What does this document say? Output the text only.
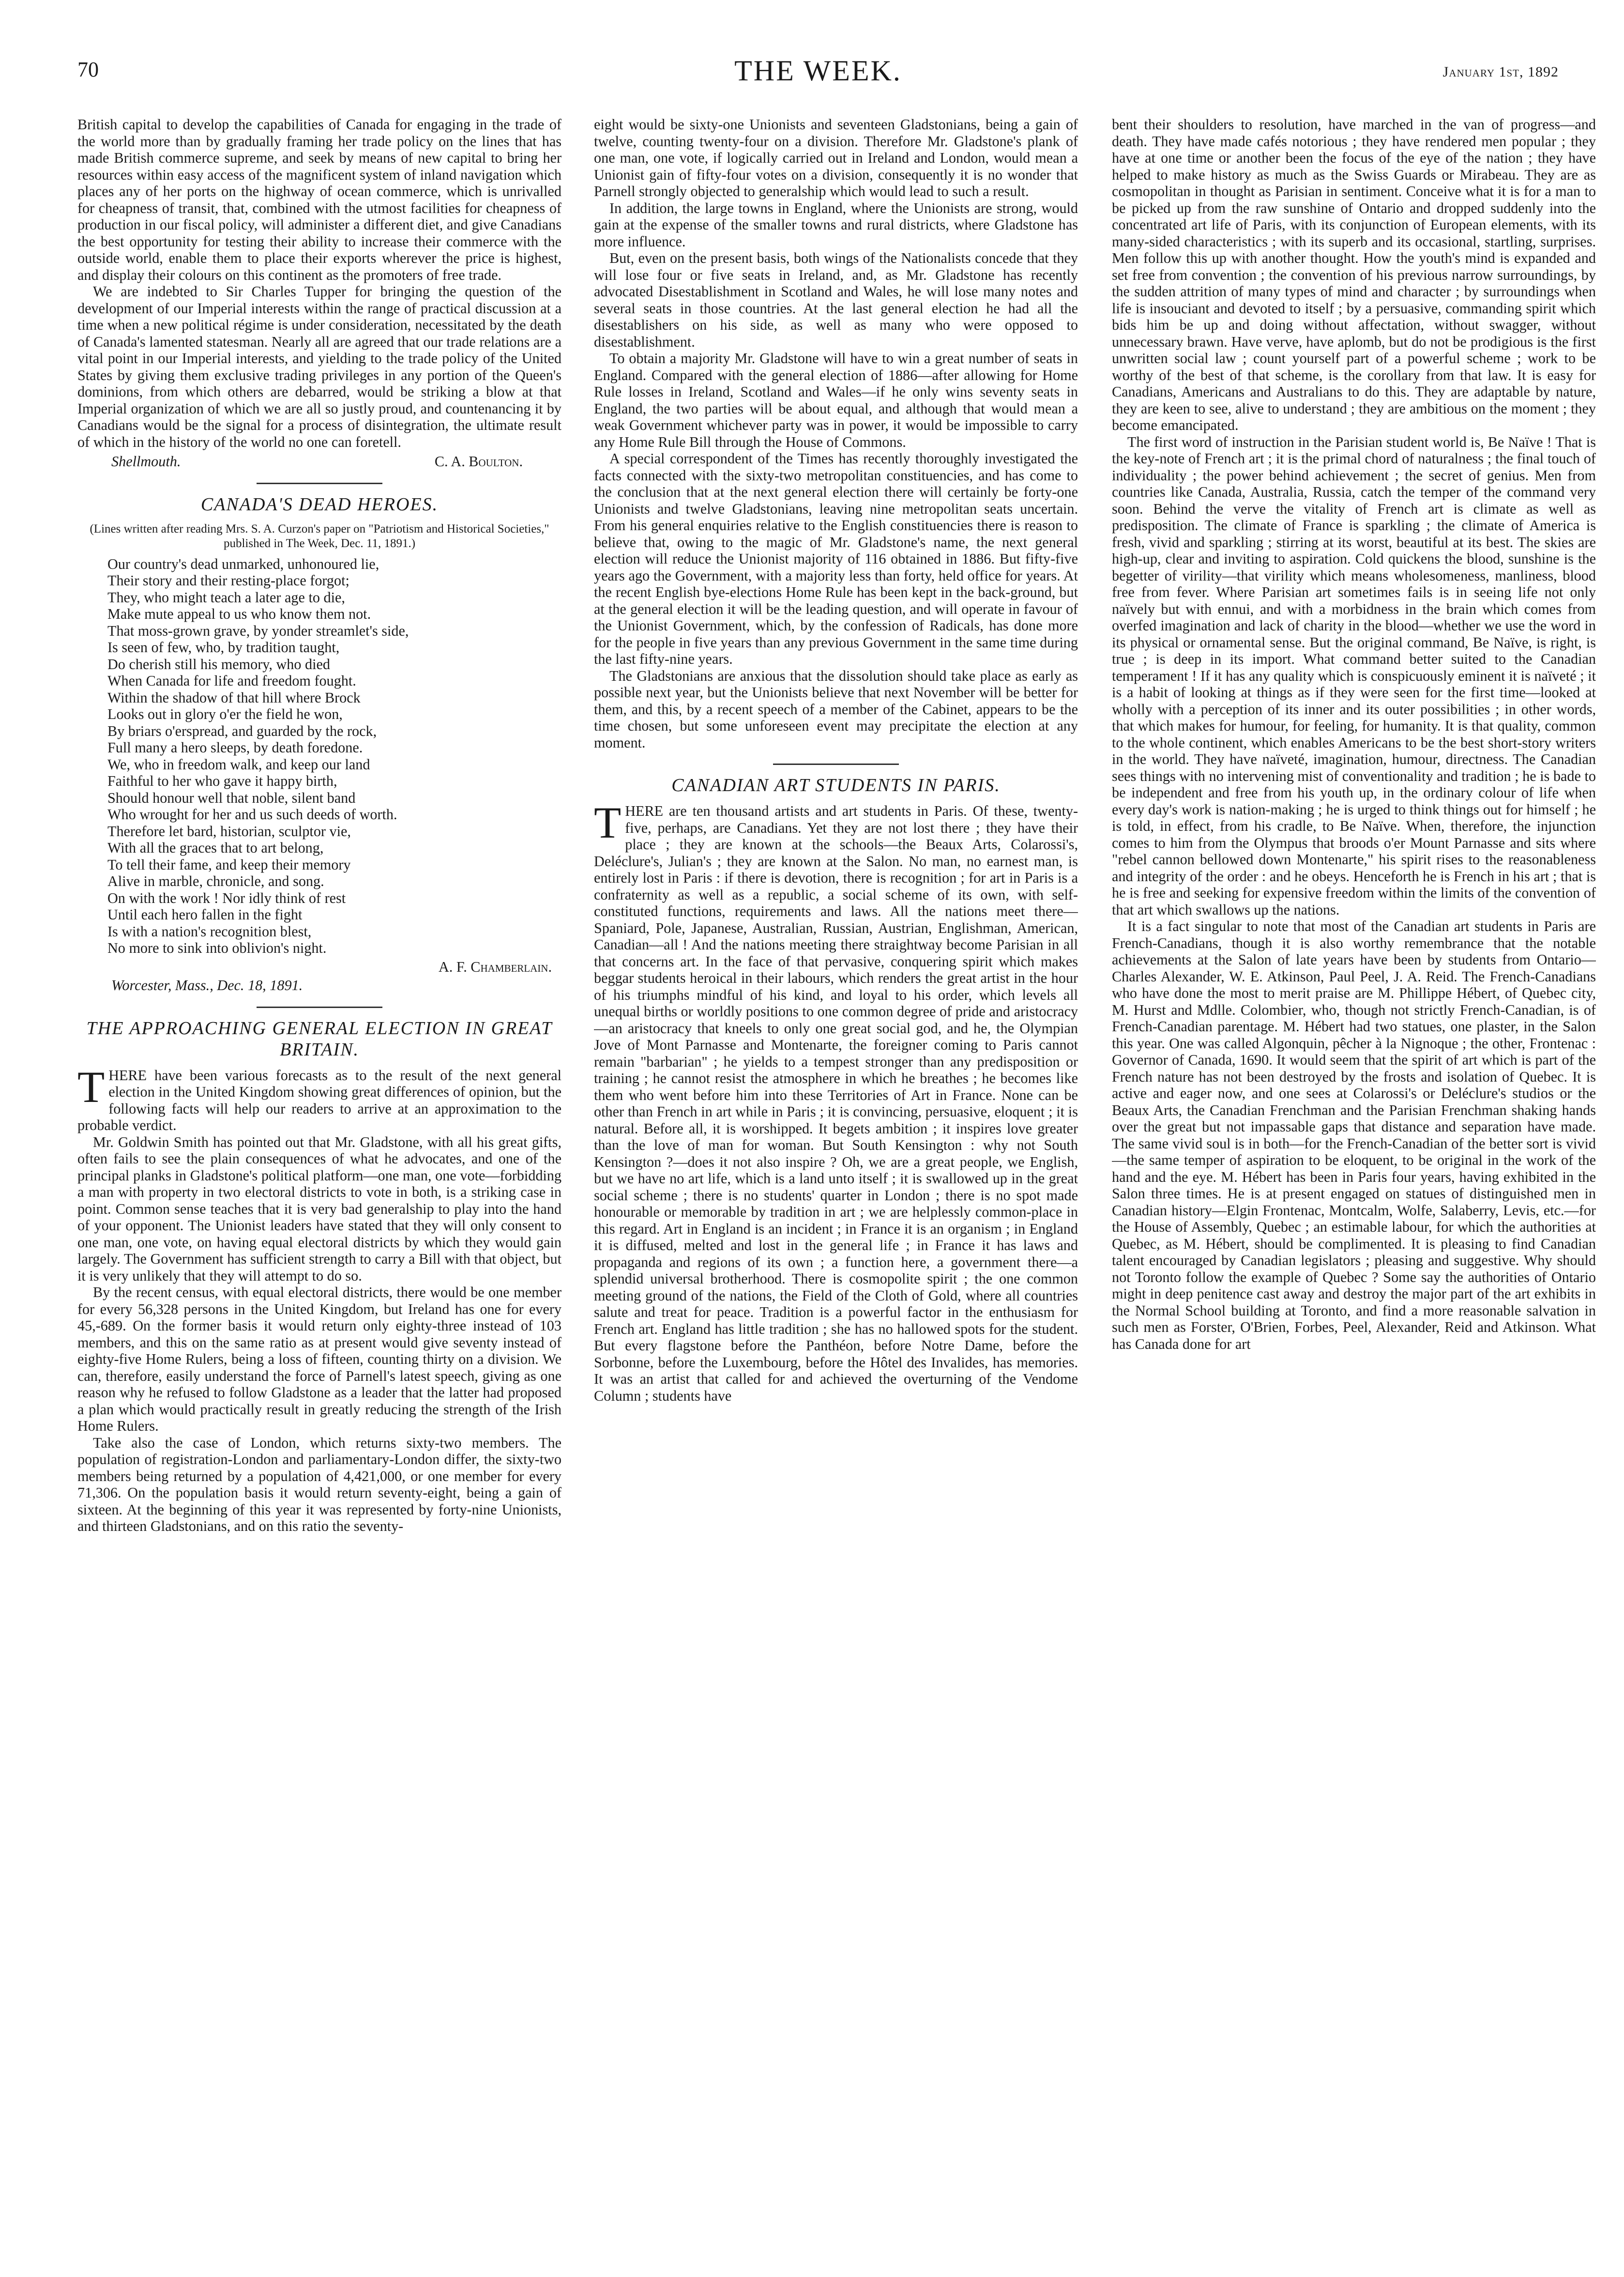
70	THE WEEK.	January 1st, 1892

British capital to develop the capabilities of Canada for engaging in the trade of the world more than by gradually framing her trade policy on the lines that has made British commerce supreme, and seek by means of new capital to bring her resources within easy access of the magnificent system of inland navigation which places any of her ports on the highway of ocean commerce, which is unrivalled for cheapness of transit, that, combined with the utmost facilities for cheapness of production in our fiscal policy, will administer a different diet, and give Canadians the best opportunity for testing their ability to increase their commerce with the outside world, enable them to place their exports wherever the price is highest, and display their colours on this continent as the promoters of free trade.

We are indebted to Sir Charles Tupper for bringing the question of the development of our Imperial interests within the range of practical discussion at a time when a new political régime is under consideration, necessitated by the death of Canada's lamented statesman. Nearly all are agreed that our trade relations are a vital point in our Imperial interests, and yielding to the trade policy of the United States by giving them exclusive trading privileges in any portion of the Queen's dominions, from which others are debarred, would be striking a blow at that Imperial organization of which we are all so justly proud, and countenancing it by Canadians would be the signal for a process of disintegration, the ultimate result of which in the history of the world no one can foretell.

Shellmouth.	C. A. Boulton.
CANADA'S DEAD HEROES.
(Lines written after reading Mrs. S. A. Curzon's paper on "Patriotism and Historical Societies," published in The Week, Dec. 11, 1891.)
Our country's dead unmarked, unhonoured lie,
Their story and their resting-place forgot;
They, who might teach a later age to die,
Make mute appeal to us who know them not.
That moss-grown grave, by yonder streamlet's side,
Is seen of few, who, by tradition taught,
Do cherish still his memory, who died
When Canada for life and freedom fought.
Within the shadow of that hill where Brock
Looks out in glory o'er the field he won,
By briars o'erspread, and guarded by the rock,
Full many a hero sleeps, by death foredone.
We, who in freedom walk, and keep our land
Faithful to her who gave it happy birth,
Should honour well that noble, silent band
Who wrought for her and us such deeds of worth.
Therefore let bard, historian, sculptor vie,
With all the graces that to art belong,
To tell their fame, and keep their memory
Alive in marble, chronicle, and song.
On with the work ! Nor idly think of rest
Until each hero fallen in the fight
Is with a nation's recognition blest,
No more to sink into oblivion's night.
A. F. Chamberlain.
Worcester, Mass., Dec. 18, 1891.
THE APPROACHING GENERAL ELECTION IN GREAT BRITAIN.

THERE have been various forecasts as to the result of the next general election in the United Kingdom showing great differences of opinion, but the following facts will help our readers to arrive at an approximation to the probable verdict.

Mr. Goldwin Smith has pointed out that Mr. Gladstone, with all his great gifts, often fails to see the plain consequences of what he advocates, and one of the principal planks in Gladstone's political platform—one man, one vote—forbidding a man with property in two electoral districts to vote in both, is a striking case in point. Common sense teaches that it is very bad generalship to play into the hand of your opponent. The Unionist leaders have stated that they will only consent to one man, one vote, on having equal electoral districts by which they would gain largely. The Government has sufficient strength to carry a Bill with that object, but it is very unlikely that they will attempt to do so.

By the recent census, with equal electoral districts, there would be one member for every 56,328 persons in the United Kingdom, but Ireland has one for every 45,-689. On the former basis it would return only eighty-three instead of 103 members, and this on the same ratio as at present would give seventy instead of eighty-five Home Rulers, being a loss of fifteen, counting thirty on a division. We can, therefore, easily understand the force of Parnell's latest speech, giving as one reason why he refused to follow Gladstone as a leader that the latter had proposed a plan which would practically result in greatly reducing the strength of the Irish Home Rulers.

Take also the case of London, which returns sixty-two members. The population of registration-London and parliamentary-London differ, the sixty-two members being returned by a population of 4,421,000, or one member for every 71,306. On the population basis it would return seventy-eight, being a gain of sixteen. At the beginning of this year it was represented by forty-nine Unionists, and thirteen Gladstonians, and on this ratio the seventy-

eight would be sixty-one Unionists and seventeen Gladstonians, being a gain of twelve, counting twenty-four on a division. Therefore Mr. Gladstone's plank of one man, one vote, if logically carried out in Ireland and London, would mean a Unionist gain of fifty-four votes on a division, consequently it is no wonder that Parnell strongly objected to generalship which would lead to such a result.

In addition, the large towns in England, where the Unionists are strong, would gain at the expense of the smaller towns and rural districts, where Gladstone has more influence.

But, even on the present basis, both wings of the Nationalists concede that they will lose four or five seats in Ireland, and, as Mr. Gladstone has recently advocated Disestablishment in Scotland and Wales, he will lose many notes and several seats in those countries. At the last general election he had all the disestablishers on his side, as well as many who were opposed to disestablishment.

To obtain a majority Mr. Gladstone will have to win a great number of seats in England. Compared with the general election of 1886—after allowing for Home Rule losses in Ireland, Scotland and Wales—if he only wins seventy seats in England, the two parties will be about equal, and although that would mean a weak Government whichever party was in power, it would be impossible to carry any Home Rule Bill through the House of Commons.

A special correspondent of the Times has recently thoroughly investigated the facts connected with the sixty-two metropolitan constituencies, and has come to the conclusion that at the next general election there will certainly be forty-one Unionists and twelve Gladstonians, leaving nine metropolitan seats uncertain. From his general enquiries relative to the English constituencies there is reason to believe that, owing to the magic of Mr. Gladstone's name, the next general election will reduce the Unionist majority of 116 obtained in 1886. But fifty-five years ago the Government, with a majority less than forty, held office for years. At the recent English bye-elections Home Rule has been kept in the back-ground, but at the general election it will be the leading question, and will operate in favour of the Unionist Government, which, by the confession of Radicals, has done more for the people in five years than any previous Government in the same time during the last fifty-nine years.

The Gladstonians are anxious that the dissolution should take place as early as possible next year, but the Unionists believe that next November will be better for them, and this, by a recent speech of a member of the Cabinet, appears to be the time chosen, but some unforeseen event may precipitate the election at any moment.

CANADIAN ART STUDENTS IN PARIS.

THERE are ten thousand artists and art students in Paris. Of these, twenty-five, perhaps, are Canadians. Yet they are not lost there ; they have their place ; they are known at the schools—the Beaux Arts, Colarossi's, Deléclure's, Julian's ; they are known at the Salon. No man, no earnest man, is entirely lost in Paris : if there is devotion, there is recognition ; for art in Paris is a confraternity as well as a republic, a social scheme of its own, with self-constituted functions, requirements and laws. All the nations meet there—Spaniard, Pole, Japanese, Australian, Russian, Austrian, Englishman, American, Canadian—all ! And the nations meeting there straightway become Parisian in all that concerns art. In the face of that pervasive, conquering spirit which makes beggar students heroical in their labours, which renders the great artist in the hour of his triumphs mindful of his kind, and loyal to his order, which levels all unequal births or worldly positions to one common degree of pride and aristocracy—an aristocracy that kneels to only one great social god, and he, the Olympian Jove of Mont Parnasse and Montenarte, the foreigner coming to Paris cannot remain "barbarian" ; he yields to a tempest stronger than any predisposition or training ; he cannot resist the atmosphere in which he breathes ; he becomes like them who went before him into these Territories of Art in France. None can be other than French in art while in Paris ; it is convincing, persuasive, eloquent ; it is natural. Before all, it is worshipped. It begets ambition ; it inspires love greater than the love of man for woman. But South Kensington : why not South Kensington ?—does it not also inspire ? Oh, we are a great people, we English, but we have no art life, which is a land unto itself ; it is swallowed up in the great social scheme ; there is no students' quarter in London ; there is no spot made honourable or memorable by tradition in art ; we are helplessly common-place in this regard. Art in England is an incident ; in France it is an organism ; in England it is diffused, melted and lost in the general life ; in France it has laws and propaganda and regions of its own ; a function here, a government there—a splendid universal brotherhood. There is cosmopolite spirit ; the one common meeting ground of the nations, the Field of the Cloth of Gold, where all countries salute and treat for peace. Tradition is a powerful factor in the enthusiasm for French art. England has little tradition ; she has no hallowed spots for the student. But every flagstone before the Panthéon, before Notre Dame, before the Sorbonne, before the Luxembourg, before the Hôtel des Invalides, has memories. It was an artist that called for and achieved the overturning of the Vendome Column ; students have

bent their shoulders to resolution, have marched in the van of progress—and death. They have made cafés notorious ; they have rendered men popular ; they have at one time or another been the focus of the eye of the nation ; they have helped to make history as much as the Swiss Guards or Mirabeau. They are as cosmopolitan in thought as Parisian in sentiment. Conceive what it is for a man to be picked up from the raw sunshine of Ontario and dropped suddenly into the concentrated art life of Paris, with its conjunction of European elements, with its many-sided characteristics ; with its superb and its occasional, startling, surprises. Men follow this up with another thought. How the youth's mind is expanded and set free from convention ; the convention of his previous narrow surroundings, by the sudden attrition of many types of mind and character ; by surroundings when life is insouciant and devoted to itself ; by a persuasive, commanding spirit which bids him be up and doing without affectation, without swagger, without unnecessary brawn. Have verve, have aplomb, but do not be prodigious is the first unwritten social law ; count yourself part of a powerful scheme ; work to be worthy of the best of that scheme, is the corollary from that law. It is easy for Canadians, Americans and Australians to do this. They are adaptable by nature, they are keen to see, alive to understand ; they are ambitious on the moment ; they become emancipated.

The first word of instruction in the Parisian student world is, Be Naïve ! That is the key-note of French art ; it is the primal chord of naturalness ; the final touch of individuality ; the power behind achievement ; the secret of genius. Men from countries like Canada, Australia, Russia, catch the temper of the command very soon. Behind the verve the vitality of French art is climate as well as predisposition. The climate of France is sparkling ; the climate of America is fresh, vivid and sparkling ; stirring at its worst, beautiful at its best. The skies are high-up, clear and inviting to aspiration. Cold quickens the blood, sunshine is the begetter of virility—that virility which means wholesomeness, manliness, blood free from fever. Where Parisian art sometimes fails is in seeing life not only naïvely but with ennui, and with a morbidness in the brain which comes from overfed imagination and lack of charity in the blood—whether we use the word in its physical or ornamental sense. But the original command, Be Naïve, is right, is true ; is deep in its import. What command better suited to the Canadian temperament ! If it has any quality which is conspicuously eminent it is naïveté ; it is a habit of looking at things as if they were seen for the first time—looked at wholly with a perception of its inner and its outer possibilities ; in other words, that which makes for humour, for feeling, for humanity. It is that quality, common to the whole continent, which enables Americans to be the best short-story writers in the world. They have naïveté, imagination, humour, directness. The Canadian sees things with no intervening mist of conventionality and tradition ; he is bade to be independent and free from his youth up, in the ordinary colour of life when every day's work is nation-making ; he is urged to think things out for himself ; he is told, in effect, from his cradle, to Be Naïve. When, therefore, the injunction comes to him from the Olympus that broods o'er Mount Parnasse and sits where "rebel cannon bellowed down Montenarte," his spirit rises to the reasonableness and integrity of the order : and he obeys. Henceforth he is French in his art ; that is he is free and seeking for expensive freedom within the limits of the convention of that art which swallows up the nations.

It is a fact singular to note that most of the Canadian art students in Paris are French-Canadians, though it is also worthy remembrance that the notable achievements at the Salon of late years have been by students from Ontario—Charles Alexander, W. E. Atkinson, Paul Peel, J. A. Reid. The French-Canadians who have done the most to merit praise are M. Phillippe Hébert, of Quebec city, M. Hurst and Mdlle. Colombier, who, though not strictly French-Canadian, is of French-Canadian parentage. M. Hébert had two statues, one plaster, in the Salon this year. One was called Algonquin, pêcher à la Nignoque ; the other, Frontenac : Governor of Canada, 1690. It would seem that the spirit of art which is part of the French nature has not been destroyed by the frosts and isolation of Quebec. It is active and eager now, and one sees at Colarossi's or Deléclure's studios or the Beaux Arts, the Canadian Frenchman and the Parisian Frenchman shaking hands over the great but not impassable gaps that distance and separation have made. The same vivid soul is in both—for the French-Canadian of the better sort is vivid—the same temper of aspiration to be eloquent, to be original in the work of the hand and the eye. M. Hébert has been in Paris four years, having exhibited in the Salon three times. He is at present engaged on statues of distinguished men in Canadian history—Elgin Frontenac, Montcalm, Wolfe, Salaberry, Levis, etc.—for the House of Assembly, Quebec ; an estimable labour, for which the authorities at Quebec, as M. Hébert, should be complimented. It is pleasing to find Canadian talent encouraged by Canadian legislators ; pleasing and suggestive. Why should not Toronto follow the example of Quebec ? Some say the authorities of Ontario might in deep penitence cast away and destroy the major part of the art exhibits in the Normal School building at Toronto, and find a more reasonable salvation in such men as Forster, O'Brien, Forbes, Peel, Alexander, Reid and Atkinson. What has Canada done for art
